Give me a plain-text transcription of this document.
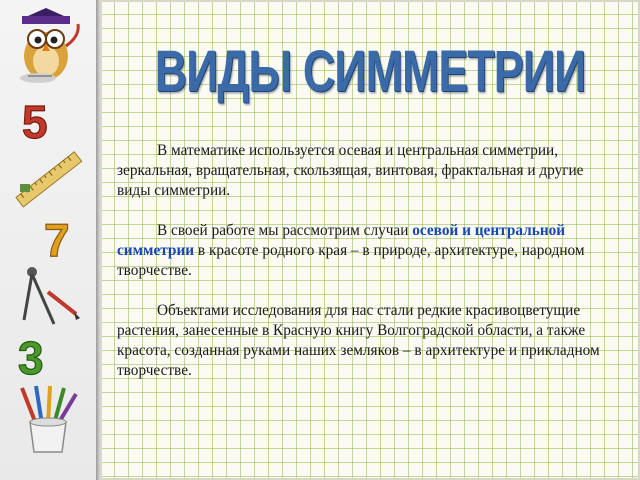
5
7
3
ВИДЫ СИММЕТРИИ

В математике используется осевая и центральная симметрии, зеркальная, вращательная, скользящая, винтовая, фрактальная и другие виды симметрии.

В своей работе мы рассмотрим случаи осевой и центральной симметрии в красоте родного края – в природе, архитектуре, народном творчестве.

Объектами исследования для нас стали редкие красивоцветущие растения, занесенные в Красную книгу Волгоградской области, а также красота, созданная руками наших земляков – в архитектуре и прикладном творчестве.
